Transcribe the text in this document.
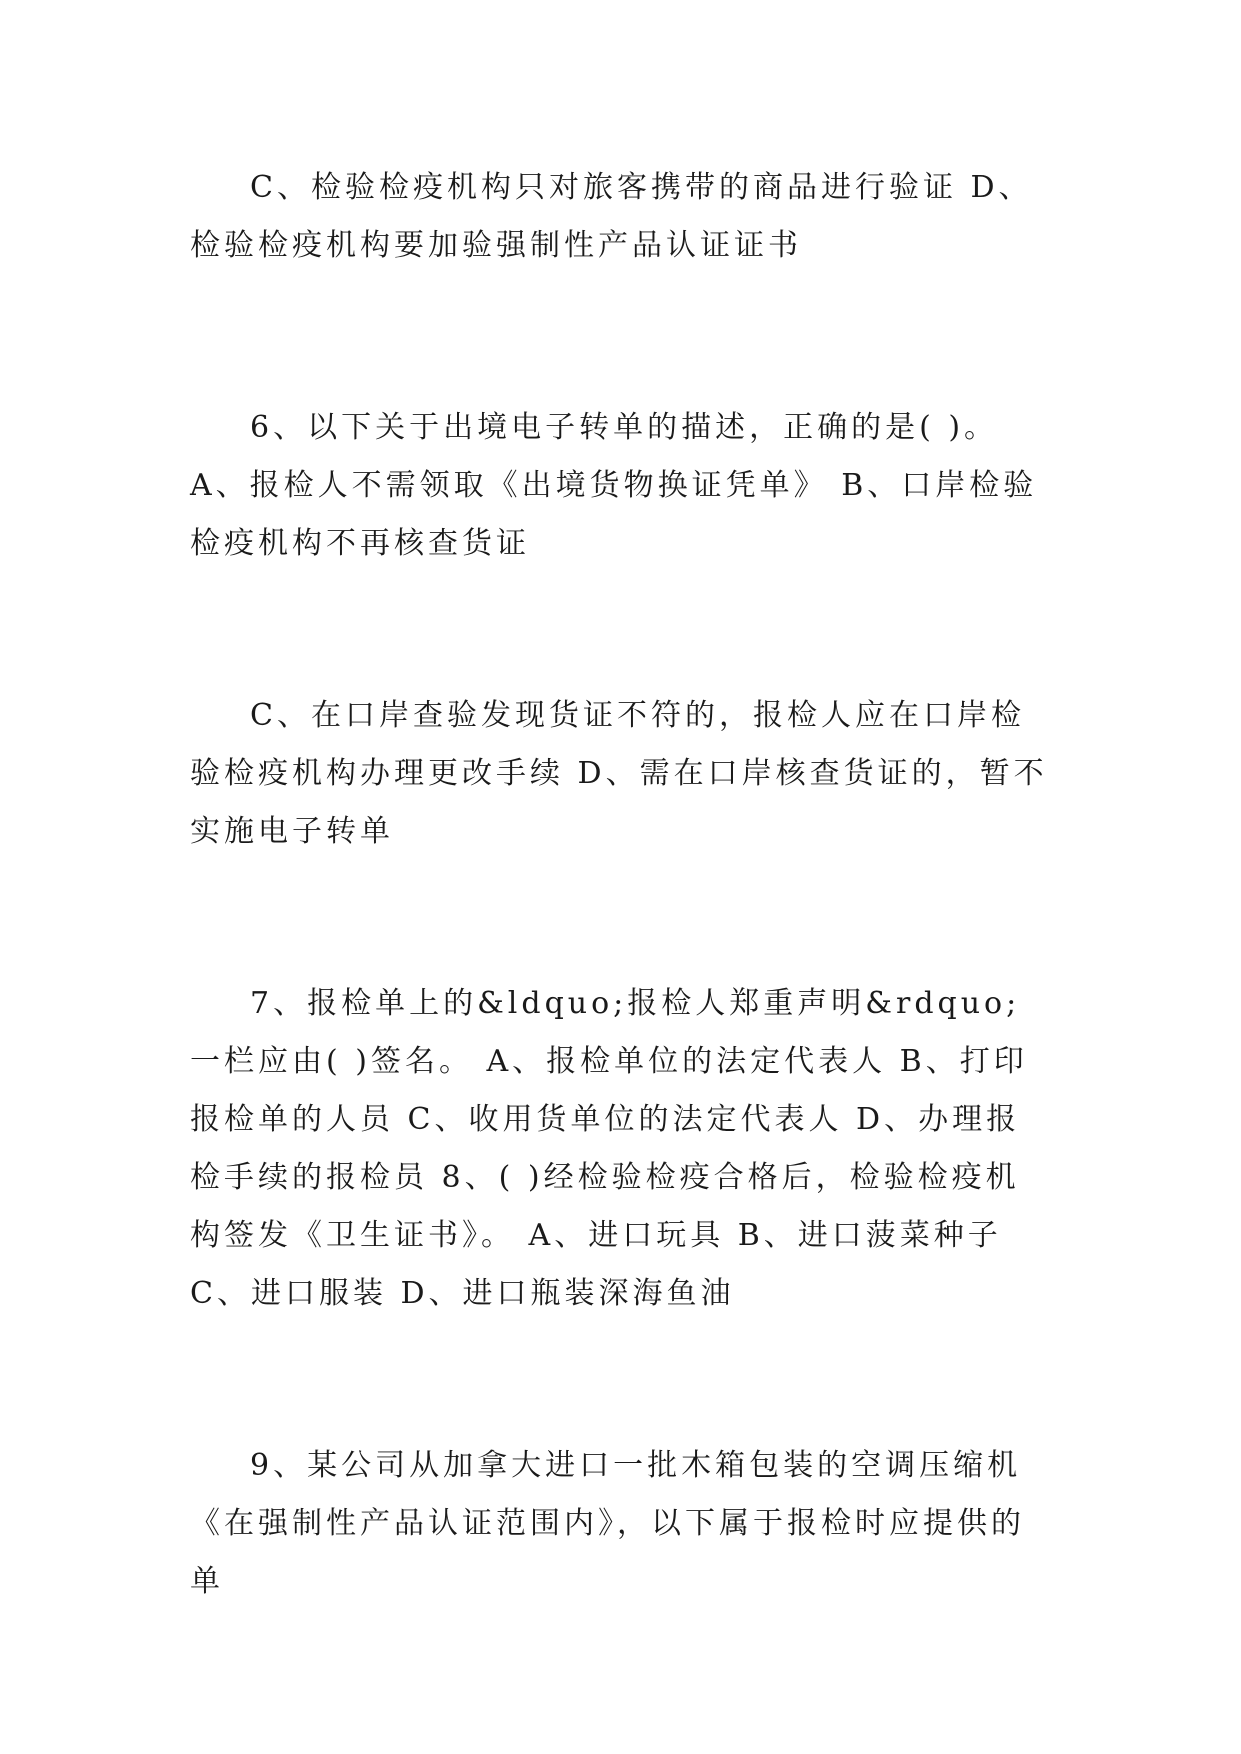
C、检验检疫机构只对旅客携带的商品进行验证 D、检验检疫机构要加验强制性产品认证证书

6、以下关于出境电子转单的描述，正确的是( )。 A、报检人不需领取《出境货物换证凭单》 B、口岸检验检疫机构不再核查货证

C、在口岸查验发现货证不符的，报检人应在口岸检验检疫机构办理更改手续 D、需在口岸核查货证的，暂不实施电子转单

7、报检单上的&ldquo;报检人郑重声明&rdquo;一栏应由( )签名。 A、报检单位的法定代表人 B、打印报检单的人员 C、收用货单位的法定代表人 D、办理报检手续的报检员 8、( )经检验检疫合格后，检验检疫机构签发《卫生证书》。 A、进口玩具 B、进口菠菜种子 C、进口服装 D、进口瓶装深海鱼油

9、某公司从加拿大进口一批木箱包装的空调压缩机《在强制性产品认证范围内》，以下属于报检时应提供的单
